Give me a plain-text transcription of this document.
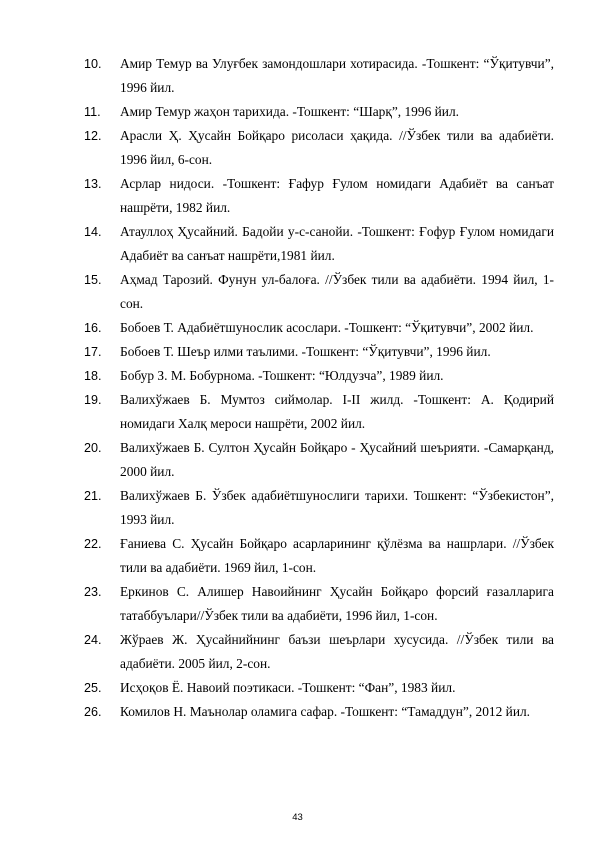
10.	Амир Темур ва Улуғбек замондошлари хотирасида. -Тошкент: “Ўқитувчи”, 1996 йил.
11.	Амир Темур жаҳон тарихида. -Тошкент: “Шарқ”, 1996 йил.
12.	Арасли Ҳ. Ҳусайн Бойқаро рисоласи ҳақида. //Ўзбек тили ва адабиёти. 1996 йил, 6-сон.
13.	Асрлар нидоси. -Тошкент: Ғафур Ғулом номидаги Адабиёт ва санъат нашрёти, 1982 йил.
14.	Атауллоҳ Ҳусайний. Бадойи у-с-санойи. -Тошкент: Ғофур Ғулом номидаги Адабиёт ва санъат нашрёти,1981 йил.
15.	Аҳмад Тарозий. Фунун ул-балоға. //Ўзбек тили ва адабиёти. 1994 йил, 1-сон.
16.	Бобоев Т. Адабиётшунослик асослари. -Тошкент: “Ўқитувчи”, 2002 йил.
17.	Бобоев Т. Шеър илми таълими. -Тошкент: “Ўқитувчи”, 1996 йил.
18.	Бобур З. М. Бобурнома. -Тошкент: “Юлдузча”, 1989 йил.
19.	Валихўжаев Б. Мумтоз сиймолар. I-II жилд. -Тошкент: А. Қодирий номидаги Халқ мероси нашрёти, 2002 йил.
20.	Валихўжаев Б. Султон Ҳусайн Бойқаро - Ҳусайний шеърияти. -Самарқанд, 2000 йил.
21.	Валихўжаев Б. Ўзбек адабиётшунослиги тарихи. Тошкент: “Ўзбекистон”, 1993 йил.
22.	Ғаниева С. Ҳусайн Бойқаро асарларининг қўлёзма ва нашрлари. //Ўзбек тили ва адабиёти. 1969 йил, 1-сон.
23.	Еркинов С. Алишер Навоийнинг Ҳусайн Бойқаро форсий ғазалларига татаббуълари//Ўзбек тили ва адабиёти, 1996 йил, 1-сон.
24.	Жўраев Ж. Ҳусайнийнинг баъзи шеърлари хусусида. //Ўзбек тили ва адабиёти. 2005 йил, 2-сон.
25.	Исҳоқов Ё. Навоий поэтикаси. -Тошкент: “Фан”, 1983 йил.
26.	Комилов Н. Маънолар оламига сафар. -Тошкент: “Тамаддун”, 2012 йил.
43
